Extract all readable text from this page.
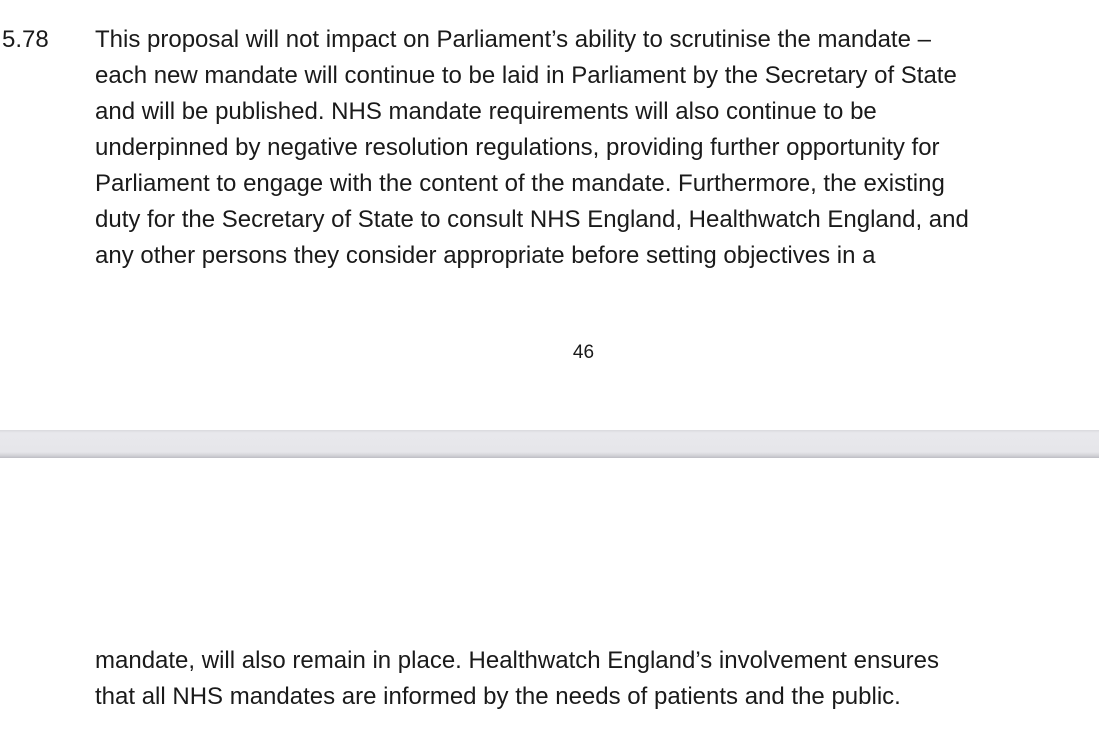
5.78 This proposal will not impact on Parliament’s ability to scrutinise the mandate –
each new mandate will continue to be laid in Parliament by the Secretary of State
and will be published. NHS mandate requirements will also continue to be
underpinned by negative resolution regulations, providing further opportunity for
Parliament to engage with the content of the mandate. Furthermore, the existing
duty for the Secretary of State to consult NHS England, Healthwatch England, and
any other persons they consider appropriate before setting objectives in a
46
mandate, will also remain in place. Healthwatch England’s involvement ensures
that all NHS mandates are informed by the needs of patients and the public.
